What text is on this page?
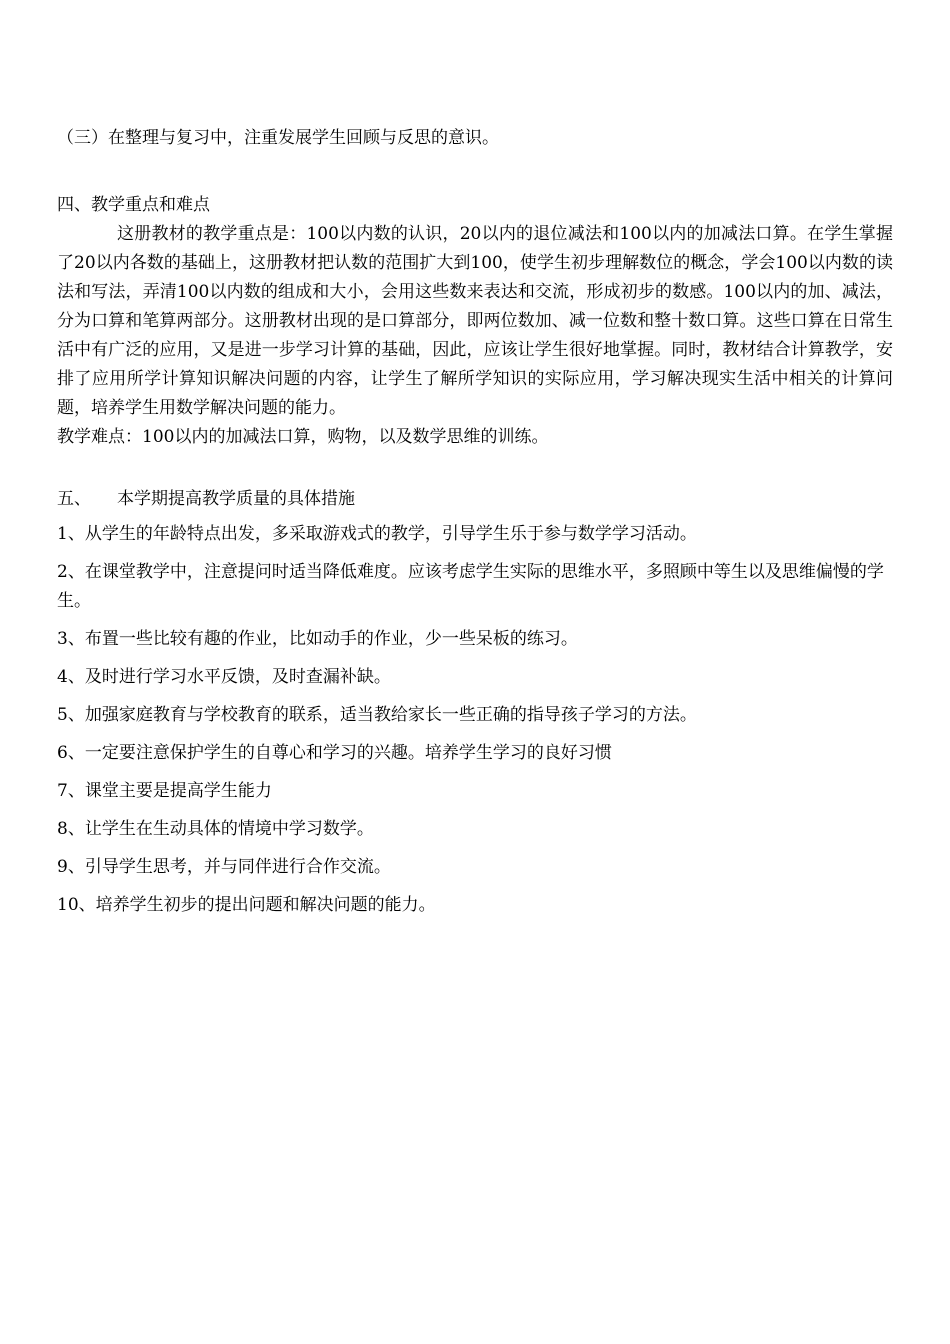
（三）在整理与复习中，注重发展学生回顾与反思的意识。

四、教学重点和难点

这册教材的教学重点是：100以内数的认识，20以内的退位减法和100以内的加减法口算。在学生掌握了20以内各数的基础上，这册教材把认数的范围扩大到100，使学生初步理解数位的概念，学会100以内数的读法和写法，弄清100以内数的组成和大小，会用这些数来表达和交流，形成初步的数感。100以内的加、减法，分为口算和笔算两部分。这册教材出现的是口算部分，即两位数加、减一位数和整十数口算。这些口算在日常生活中有广泛的应用，又是进一步学习计算的基础，因此，应该让学生很好地掌握。同时，教材结合计算教学，安排了应用所学计算知识解决问题的内容，让学生了解所学知识的实际应用，学习解决现实生活中相关的计算问题，培养学生用数学解决问题的能力。

教学难点：100以内的加减法口算，购物，以及数学思维的训练。

五、 本学期提高教学质量的具体措施

1、从学生的年龄特点出发，多采取游戏式的教学，引导学生乐于参与数学学习活动。

2、在课堂教学中，注意提问时适当降低难度。应该考虑学生实际的思维水平，多照顾中等生以及思维偏慢的学生。

3、布置一些比较有趣的作业，比如动手的作业，少一些呆板的练习。

4、及时进行学习水平反馈，及时查漏补缺。

5、加强家庭教育与学校教育的联系，适当教给家长一些正确的指导孩子学习的方法。

6、一定要注意保护学生的自尊心和学习的兴趣。培养学生学习的良好习惯

7、课堂主要是提高学生能力

8、让学生在生动具体的情境中学习数学。

9、引导学生思考，并与同伴进行合作交流。

10、培养学生初步的提出问题和解决问题的能力。
